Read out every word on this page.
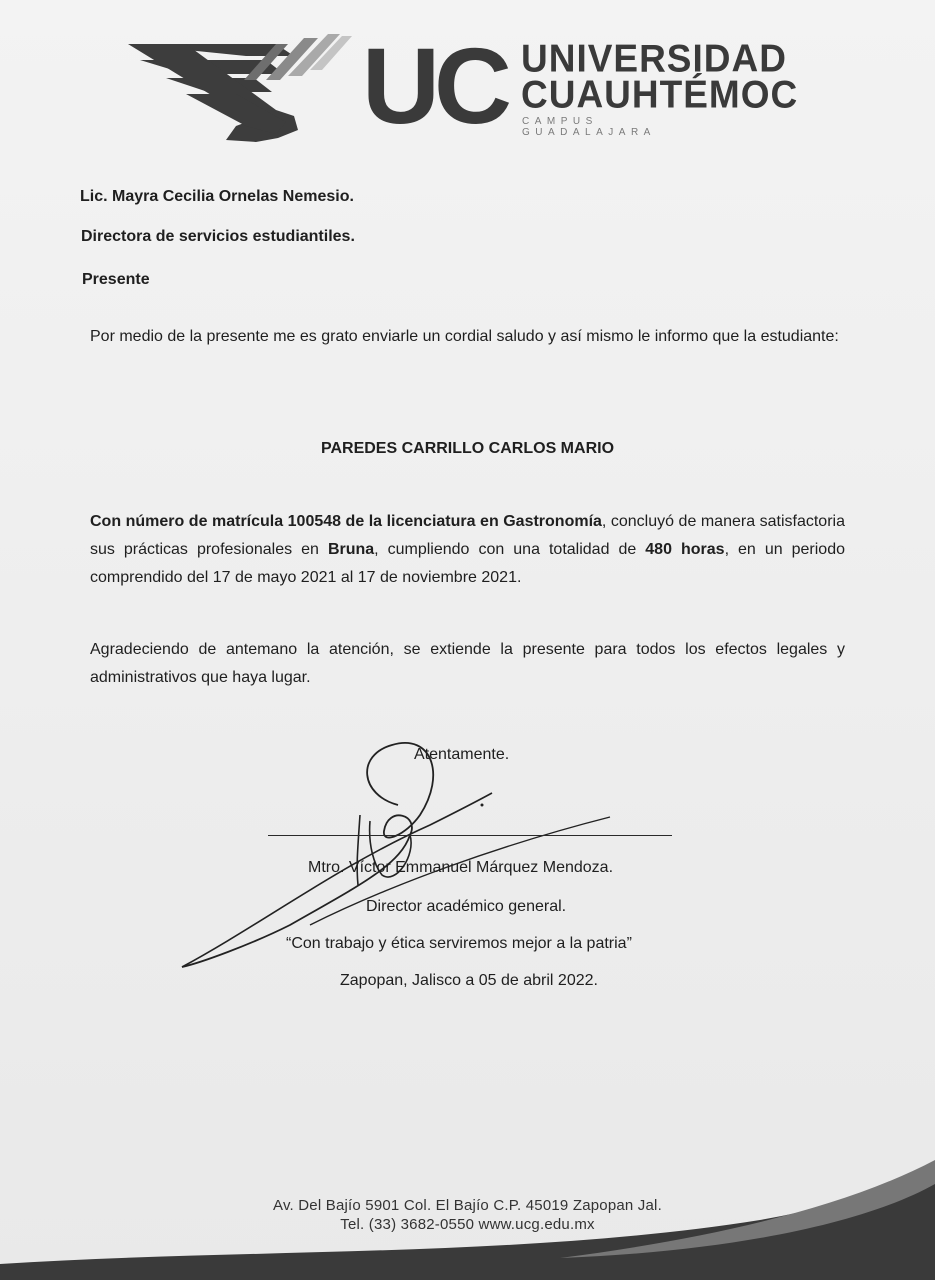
UC UNIVERSIDAD
CUAUHTÉMOC
CAMPUS GUADALAJARA
Lic. Mayra Cecilia Ornelas Nemesio.
Directora de servicios estudiantiles.
Presente
Por medio de la presente me es grato enviarle un cordial saludo y así mismo le informo que la estudiante:
PAREDES CARRILLO CARLOS MARIO
Con número de matrícula 100548 de la licenciatura en Gastronomía, concluyó de manera satisfactoria sus prácticas profesionales en Bruna, cumpliendo con una totalidad de 480 horas, en un periodo comprendido del 17 de mayo 2021 al 17 de noviembre 2021.
Agradeciendo de antemano la atención, se extiende la presente para todos los efectos legales y administrativos que haya lugar.
Atentamente.
Mtro. Víctor Emmanuel Márquez Mendoza.
Director académico general.
“Con trabajo y ética serviremos mejor a la patria”
Zapopan, Jalisco a 05 de abril 2022.
Av. Del Bajío 5901 Col. El Bajío C.P. 45019 Zapopan Jal.
Tel. (33) 3682-0550 www.ucg.edu.mx
